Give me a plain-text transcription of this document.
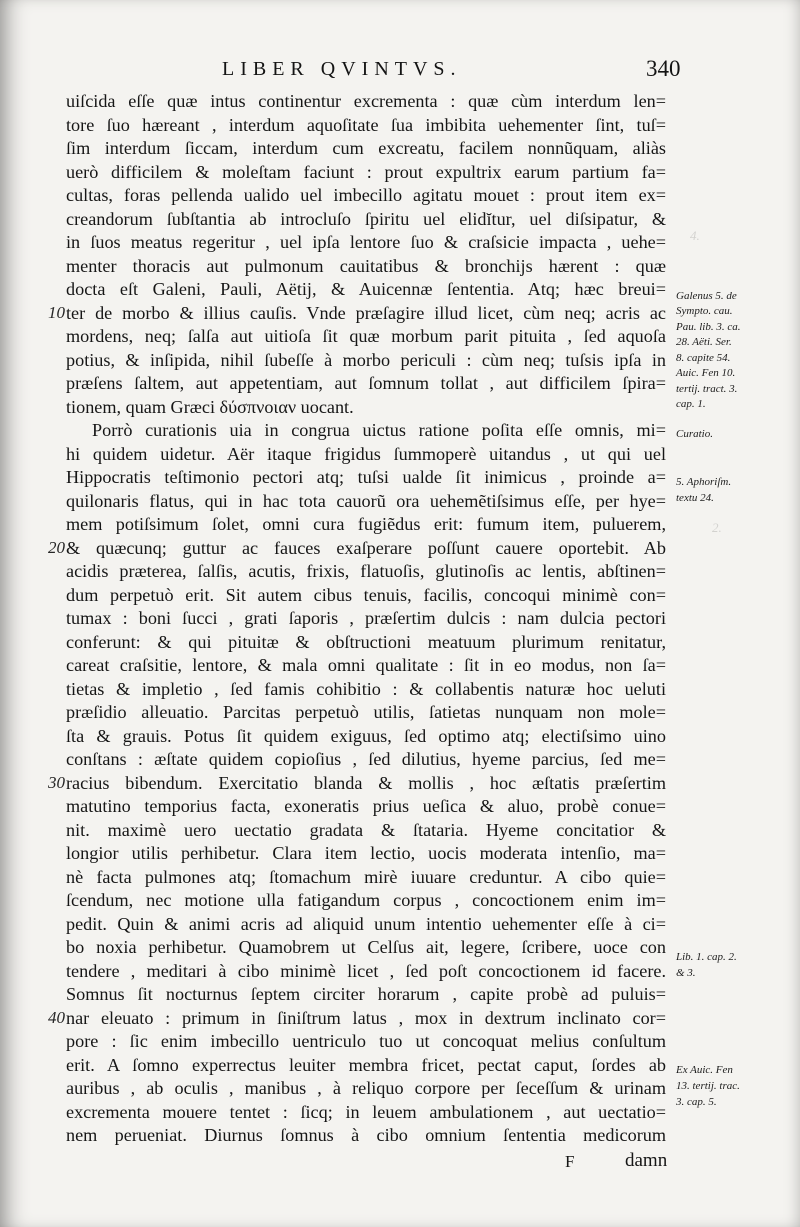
LIBER QVINTVS.	340
4.
2.
uiſcida eſſe quæ intus continentur excrementa : quæ cùm interdum len=
tore ſuo hæreant , interdum aquoſitate ſua imbibita uehementer ſint, tuſ=
ſim interdum ſiccam, interdum cum excreatu, facilem nonnũquam, aliàs
uerò difficilem & moleſtam faciunt : prout expultrix earum partium fa=
cultas, foras pellenda ualido uel imbecillo agitatu mouet : prout item ex=
creandorum ſubſtantia ab introcluſo ſpiritu uel elidĭtur, uel diſsipatur, &
in ſuos meatus regeritur , uel ipſa lentore ſuo & craſsicie impacta , uehe=
menter thoracis aut pulmonum cauitatibus & bronchijs hærent : quæ
docta eſt Galeni, Pauli, Aëtij, & Auicennæ ſententia. Atq; hæc breui=
ter de morbo & illius cauſis. Vnde præſagire illud licet, cùm neq; acris ac
mordens, neq; ſalſa aut uitioſa ſit quæ morbum parit pituita , ſed aquoſa
potius, & inſipida, nihil ſubeſſe à morbo periculi : cùm neq; tuſsis ipſa in
præſens ſaltem, aut appetentiam, aut ſomnum tollat , aut difficilem ſpira=
tionem, quam Græci δύσπνοιαν uocant.
Porrò curationis uia in congrua uictus ratione poſita eſſe omnis, mi=
hi quidem uidetur. Aër itaque frigidus ſummoperè uitandus , ut qui uel
Hippocratis teſtimonio pectori atq; tuſsi ualde ſit inimicus , proinde a=
quilonaris flatus, qui in hac tota cauorũ ora uehemẽtiſsimus eſſe, per hye=
mem potiſsimum ſolet, omni cura fugiẽdus erit: fumum item, puluerem,
& quæcunq; guttur ac fauces exaſperare poſſunt cauere oportebit. Ab
acidis præterea, ſalſis, acutis, frixis, flatuoſis, glutinoſis ac lentis, abſtinen=
dum perpetuò erit. Sit autem cibus tenuis, facilis, concoqui minimè con=
tumax : boni ſucci , grati ſaporis , præſertim dulcis : nam dulcia pectori
conferunt: & qui pituitæ & obſtructioni meatuum plurimum renitatur,
careat craſsitie, lentore, & mala omni qualitate : ſit in eo modus, non ſa=
tietas & impletio , ſed famis cohibitio : & collabentis naturæ hoc ueluti
præſidio alleuatio. Parcitas perpetuò utilis, ſatietas nunquam non mole=
ſta & grauis. Potus ſit quidem exiguus, ſed optimo atq; electiſsimo uino
conſtans : æſtate quidem copioſius , ſed dilutius, hyeme parcius, ſed me=
racius bibendum. Exercitatio blanda & mollis , hoc æſtatis præſertim
matutino temporius facta, exoneratis prius ueſica & aluo, probè conue=
nit. maximè uero uectatio gradata & ſtataria. Hyeme concitatior &
longior utilis perhibetur. Clara item lectio, uocis moderata intenſio, ma=
nè facta pulmones atq; ſtomachum mirè iuuare creduntur. A cibo quie=
ſcendum, nec motione ulla fatigandum corpus , concoctionem enim im=
pedit. Quin & animi acris ad aliquid unum intentio uehementer eſſe à ci=
bo noxia perhibetur. Quamobrem ut Celſus ait, legere, ſcribere, uoce con
tendere , meditari à cibo minimè licet , ſed poſt concoctionem id facere.
Somnus ſit nocturnus ſeptem circiter horarum , capite probè ad puluis=
nar eleuato : primum in ſiniſtrum latus , mox in dextrum inclinato cor=
pore : ſic enim imbecillo uentriculo tuo ut concoquat melius conſultum
erit. A ſomno experrectus leuiter membra fricet, pectat caput, ſordes ab
auribus , ab oculis , manibus , à reliquo corpore per ſeceſſum & urinam
excrementa mouere tentet : ſicq; in leuem ambulationem , aut uectatio=
nem perueniat. Diurnus ſomnus à cibo omnium ſententia medicorum
10
20
30
40
Galenus 5. de
Sympto. cau.
Pau. lib. 3. ca.
28. Aëti. Ser.
8. capite 54.
Auic. Fen 10.
tertij. tract. 3.
cap. 1.
Curatio.
5. Aphoriſm.
textu 24.
Lib. 1. cap. 2.
& 3.
Ex Auic. Fen
13. tertij. trac.
3. cap. 5.
F	damn
